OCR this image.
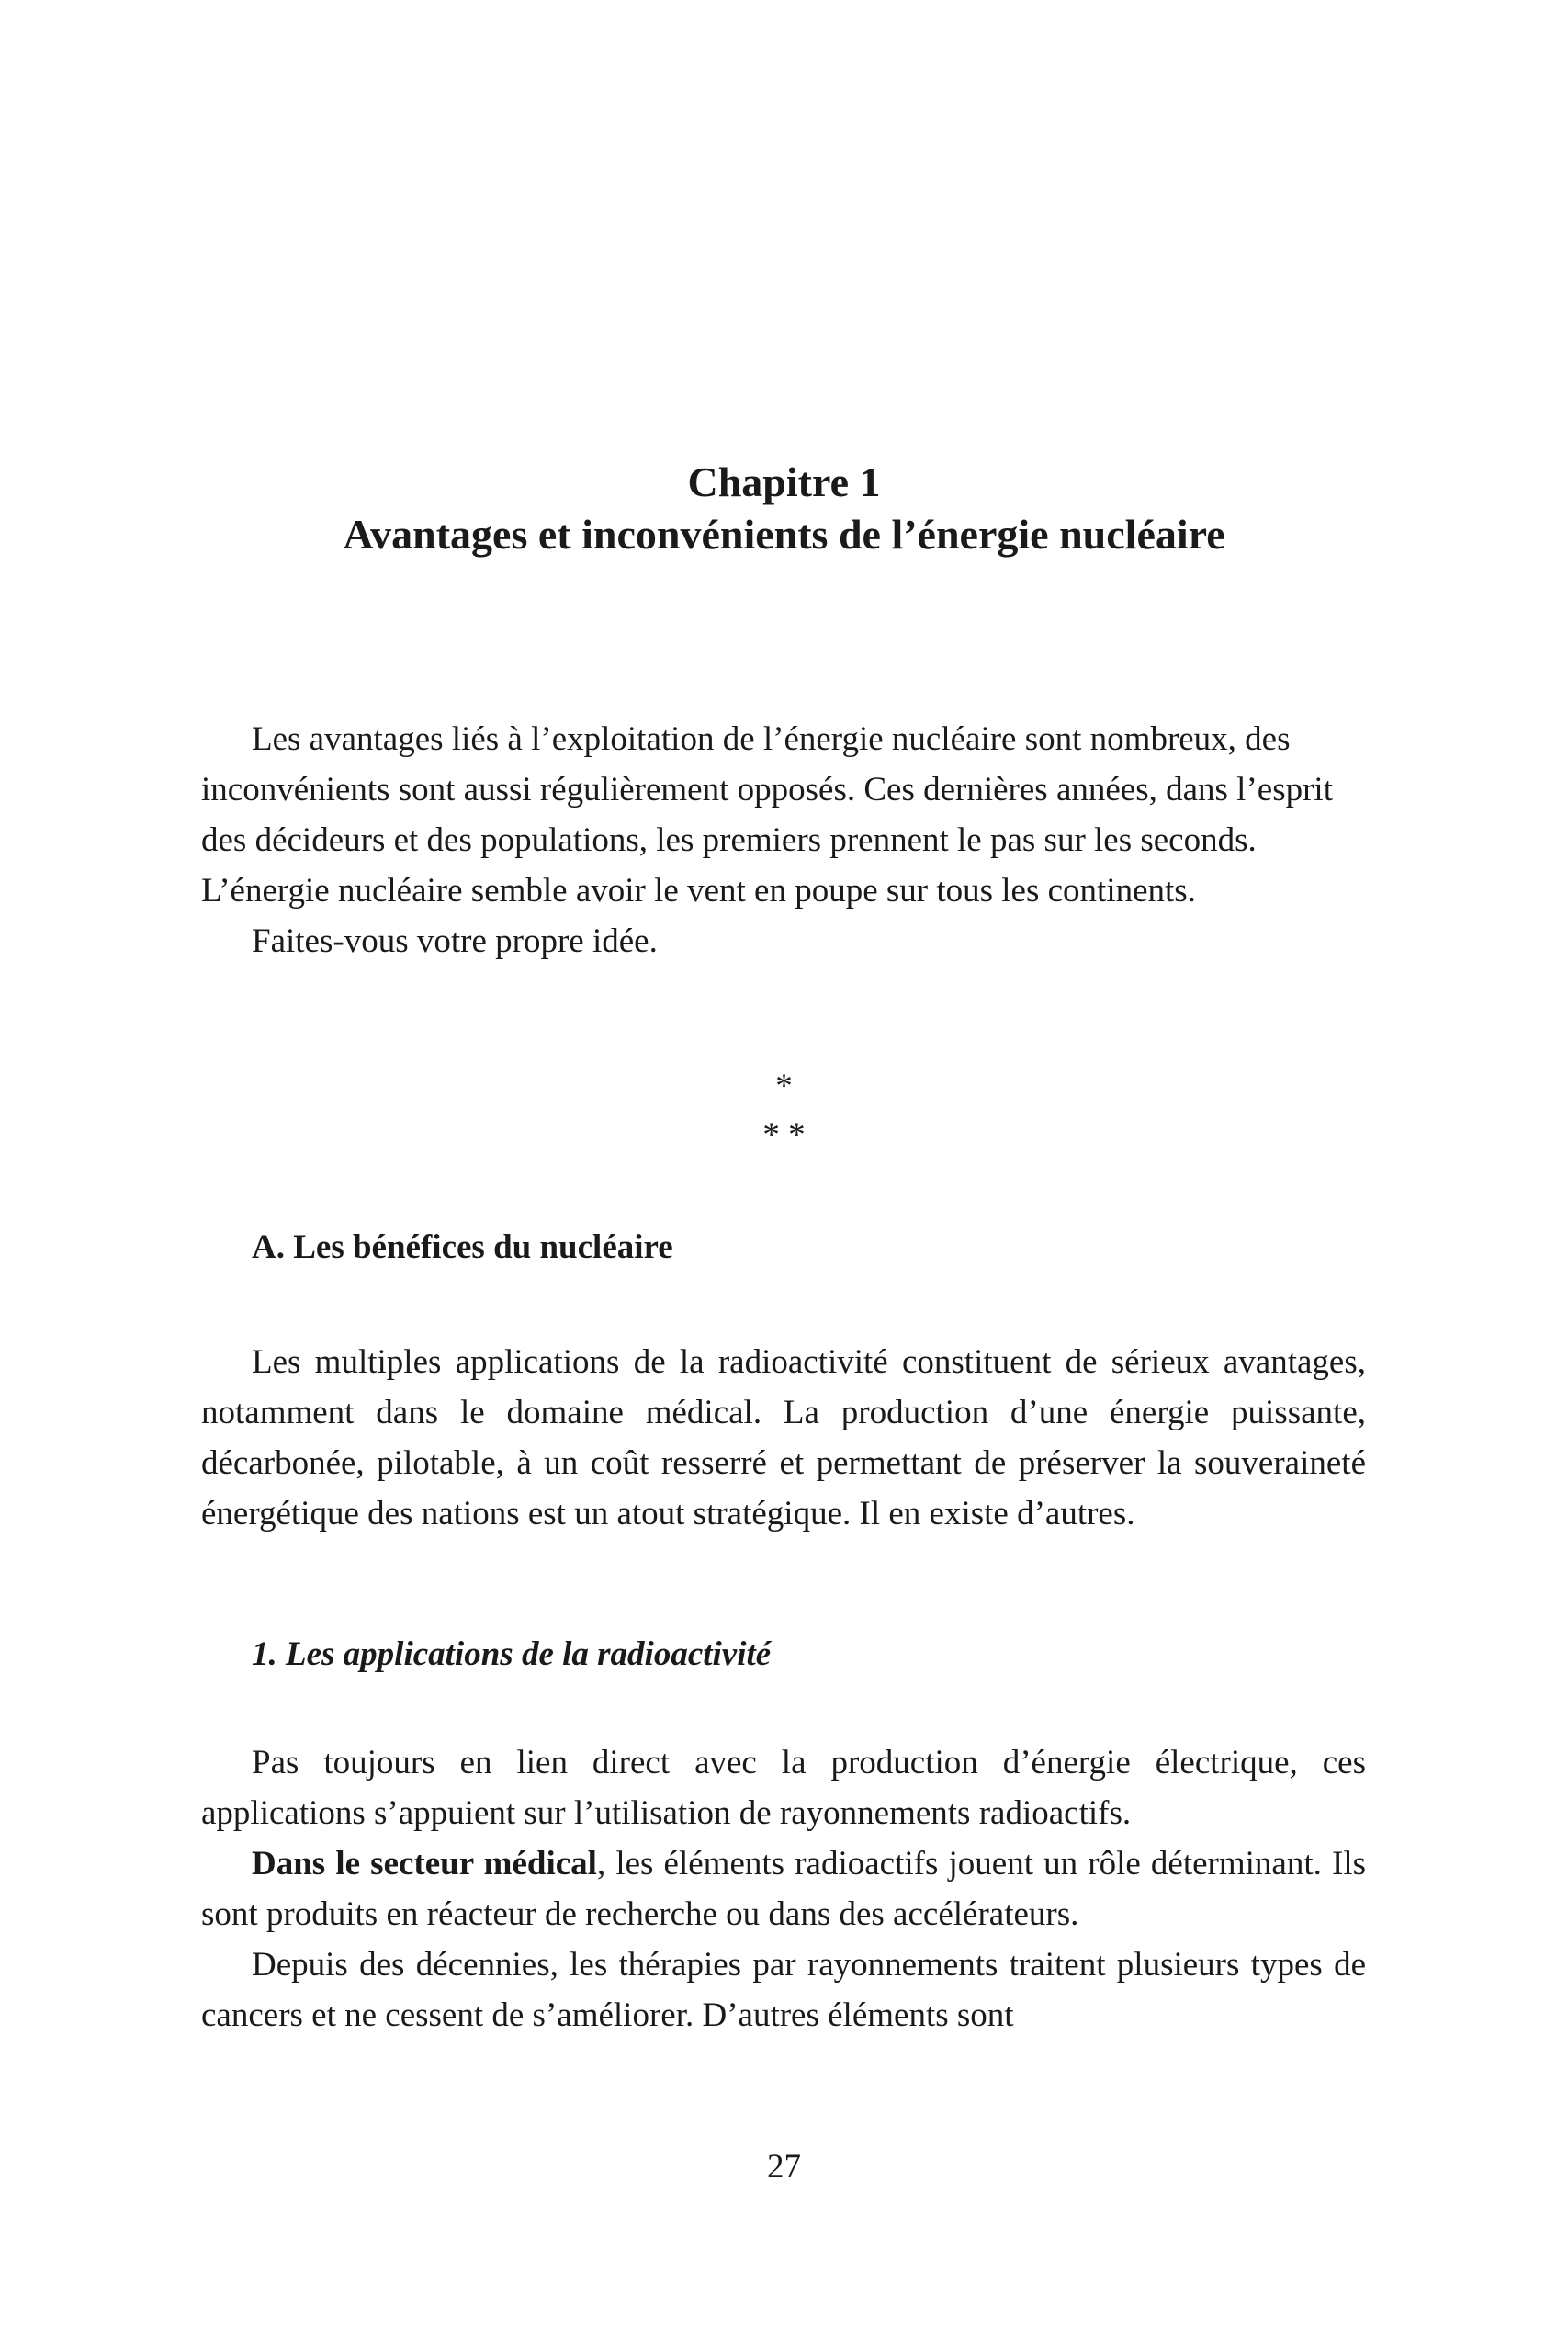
Chapitre 1
Avantages et inconvénients de l’énergie nucléaire

Les avantages liés à l’exploitation de l’énergie nucléaire sont nombreux, des inconvénients sont aussi régulièrement opposés. Ces dernières années, dans l’esprit des décideurs et des populations, les premiers prennent le pas sur les seconds. L’énergie nucléaire semble avoir le vent en poupe sur tous les continents.

Faites-vous votre propre idée.

*
* *
A. Les bénéfices du nucléaire

Les multiples applications de la radioactivité constituent de sérieux avantages, notamment dans le domaine médical. La production d’une énergie puissante, décarbonée, pilotable, à un coût resserré et permettant de préserver la souveraineté énergétique des nations est un atout stratégique. Il en existe d’autres.

1. Les applications de la radioactivité

Pas toujours en lien direct avec la production d’énergie électrique, ces applications s’appuient sur l’utilisation de rayonnements radioactifs.

Dans le secteur médical, les éléments radioactifs jouent un rôle déterminant. Ils sont produits en réacteur de recherche ou dans des accélérateurs.

Depuis des décennies, les thérapies par rayonnements traitent plusieurs types de cancers et ne cessent de s’améliorer. D’autres éléments sont

27
